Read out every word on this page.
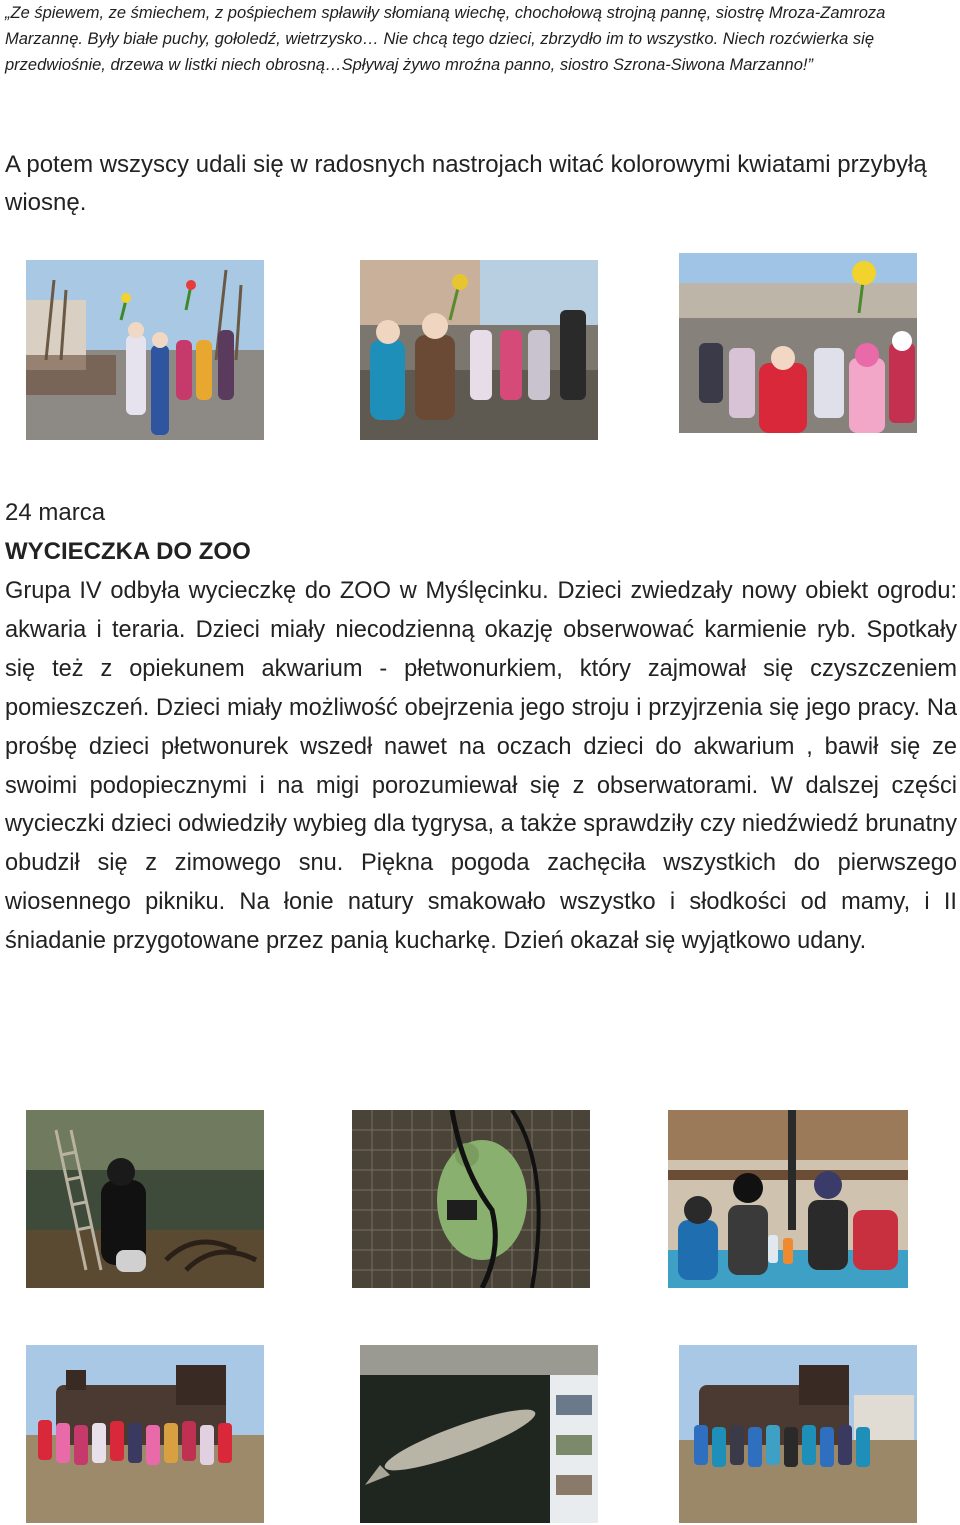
„Ze śpiewem, ze śmiechem, z pośpiechem spławiły słomianą wiechę, chochołową strojną pannę, siostrę Mroza-Zamroza Marzannę. Były białe puchy, gołoledź, wietrzysko… Nie chcą tego dzieci, zbrzydło im to wszystko. Niech rozćwierka się przedwiośnie, drzewa w listki niech obrosną…Spływaj żywo mroźna panno, siostro Szrona-Siwona Marzanno!”

A potem wszyscy udali się w radosnych nastrojach witać kolorowymi kwiatami przybyłą wiosnę.

24 marca

WYCIECZKA DO ZOO

Grupa IV odbyła wycieczkę do ZOO w Myślęcinku. Dzieci zwiedzały nowy obiekt ogrodu: akwaria i teraria. Dzieci miały niecodzienną okazję obserwować karmienie ryb. Spotkały się też z opiekunem akwarium - płetwonurkiem, który zajmował się czyszczeniem pomieszczeń. Dzieci miały możliwość obejrzenia jego stroju i przyjrzenia się jego pracy. Na prośbę dzieci płetwonurek wszedł nawet na oczach dzieci do akwarium , bawił się ze swoimi podopiecznymi i na migi porozumiewał się z obserwatorami. W dalszej części wycieczki dzieci odwiedziły wybieg dla tygrysa, a także sprawdziły czy niedźwiedź brunatny obudził się z zimowego snu. Piękna pogoda zachęciła wszystkich do pierwszego wiosennego pikniku. Na łonie natury smakowało wszystko i słodkości od mamy, i II śniadanie przygotowane przez panią kucharkę. Dzień okazał się wyjątkowo udany.
